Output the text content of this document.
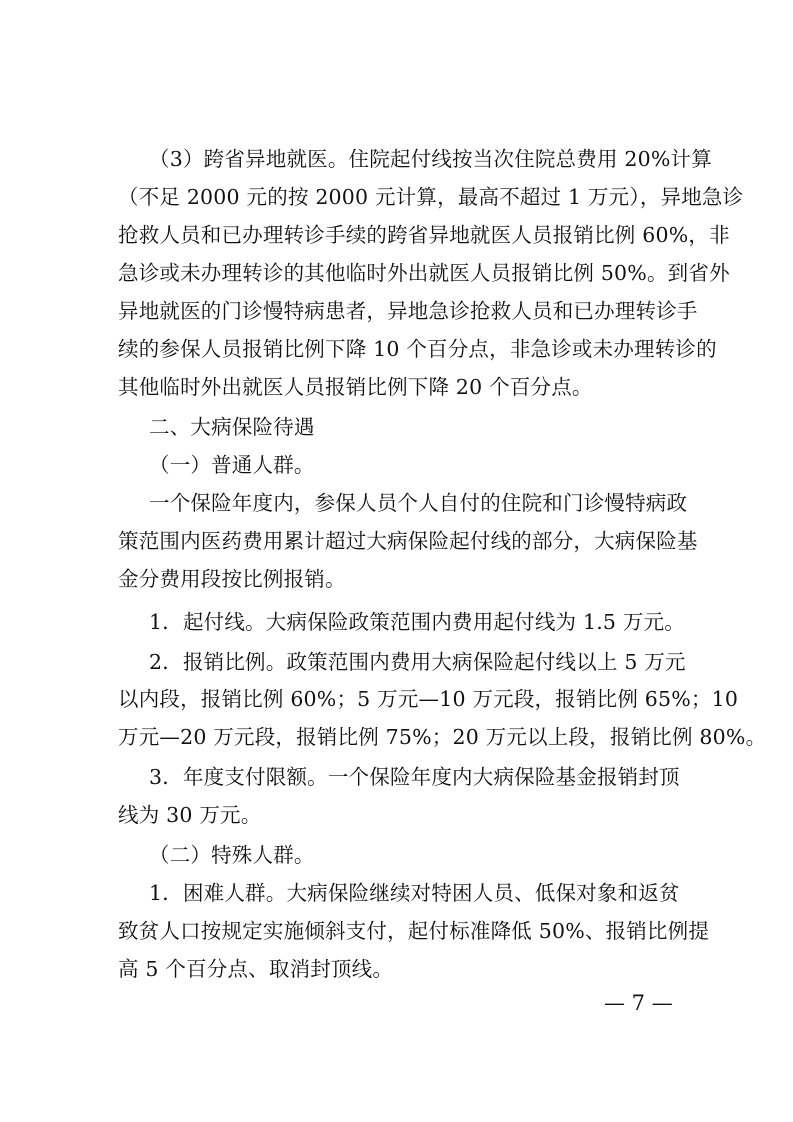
（3）跨省异地就医。住院起付线按当次住院总费用 20%计算
（不足 2000 元的按 2000 元计算，最高不超过 1 万元），异地急诊
抢救人员和已办理转诊手续的跨省异地就医人员报销比例 60%，非
急诊或未办理转诊的其他临时外出就医人员报销比例 50%。到省外
异地就医的门诊慢特病患者，异地急诊抢救人员和已办理转诊手
续的参保人员报销比例下降 10 个百分点，非急诊或未办理转诊的
其他临时外出就医人员报销比例下降 20 个百分点。
二、大病保险待遇
（一）普通人群。
一个保险年度内，参保人员个人自付的住院和门诊慢特病政
策范围内医药费用累计超过大病保险起付线的部分，大病保险基
金分费用段按比例报销。
1．起付线。大病保险政策范围内费用起付线为 1.5 万元。
2．报销比例。政策范围内费用大病保险起付线以上 5 万元
以内段，报销比例 60%；5 万元—10 万元段，报销比例 65%；10
万元—20 万元段，报销比例 75%；20 万元以上段，报销比例 80%。
3．年度支付限额。一个保险年度内大病保险基金报销封顶
线为 30 万元。
（二）特殊人群。
1．困难人群。大病保险继续对特困人员、低保对象和返贫
致贫人口按规定实施倾斜支付，起付标准降低 50%、报销比例提
高 5 个百分点、取消封顶线。
— 7 —
